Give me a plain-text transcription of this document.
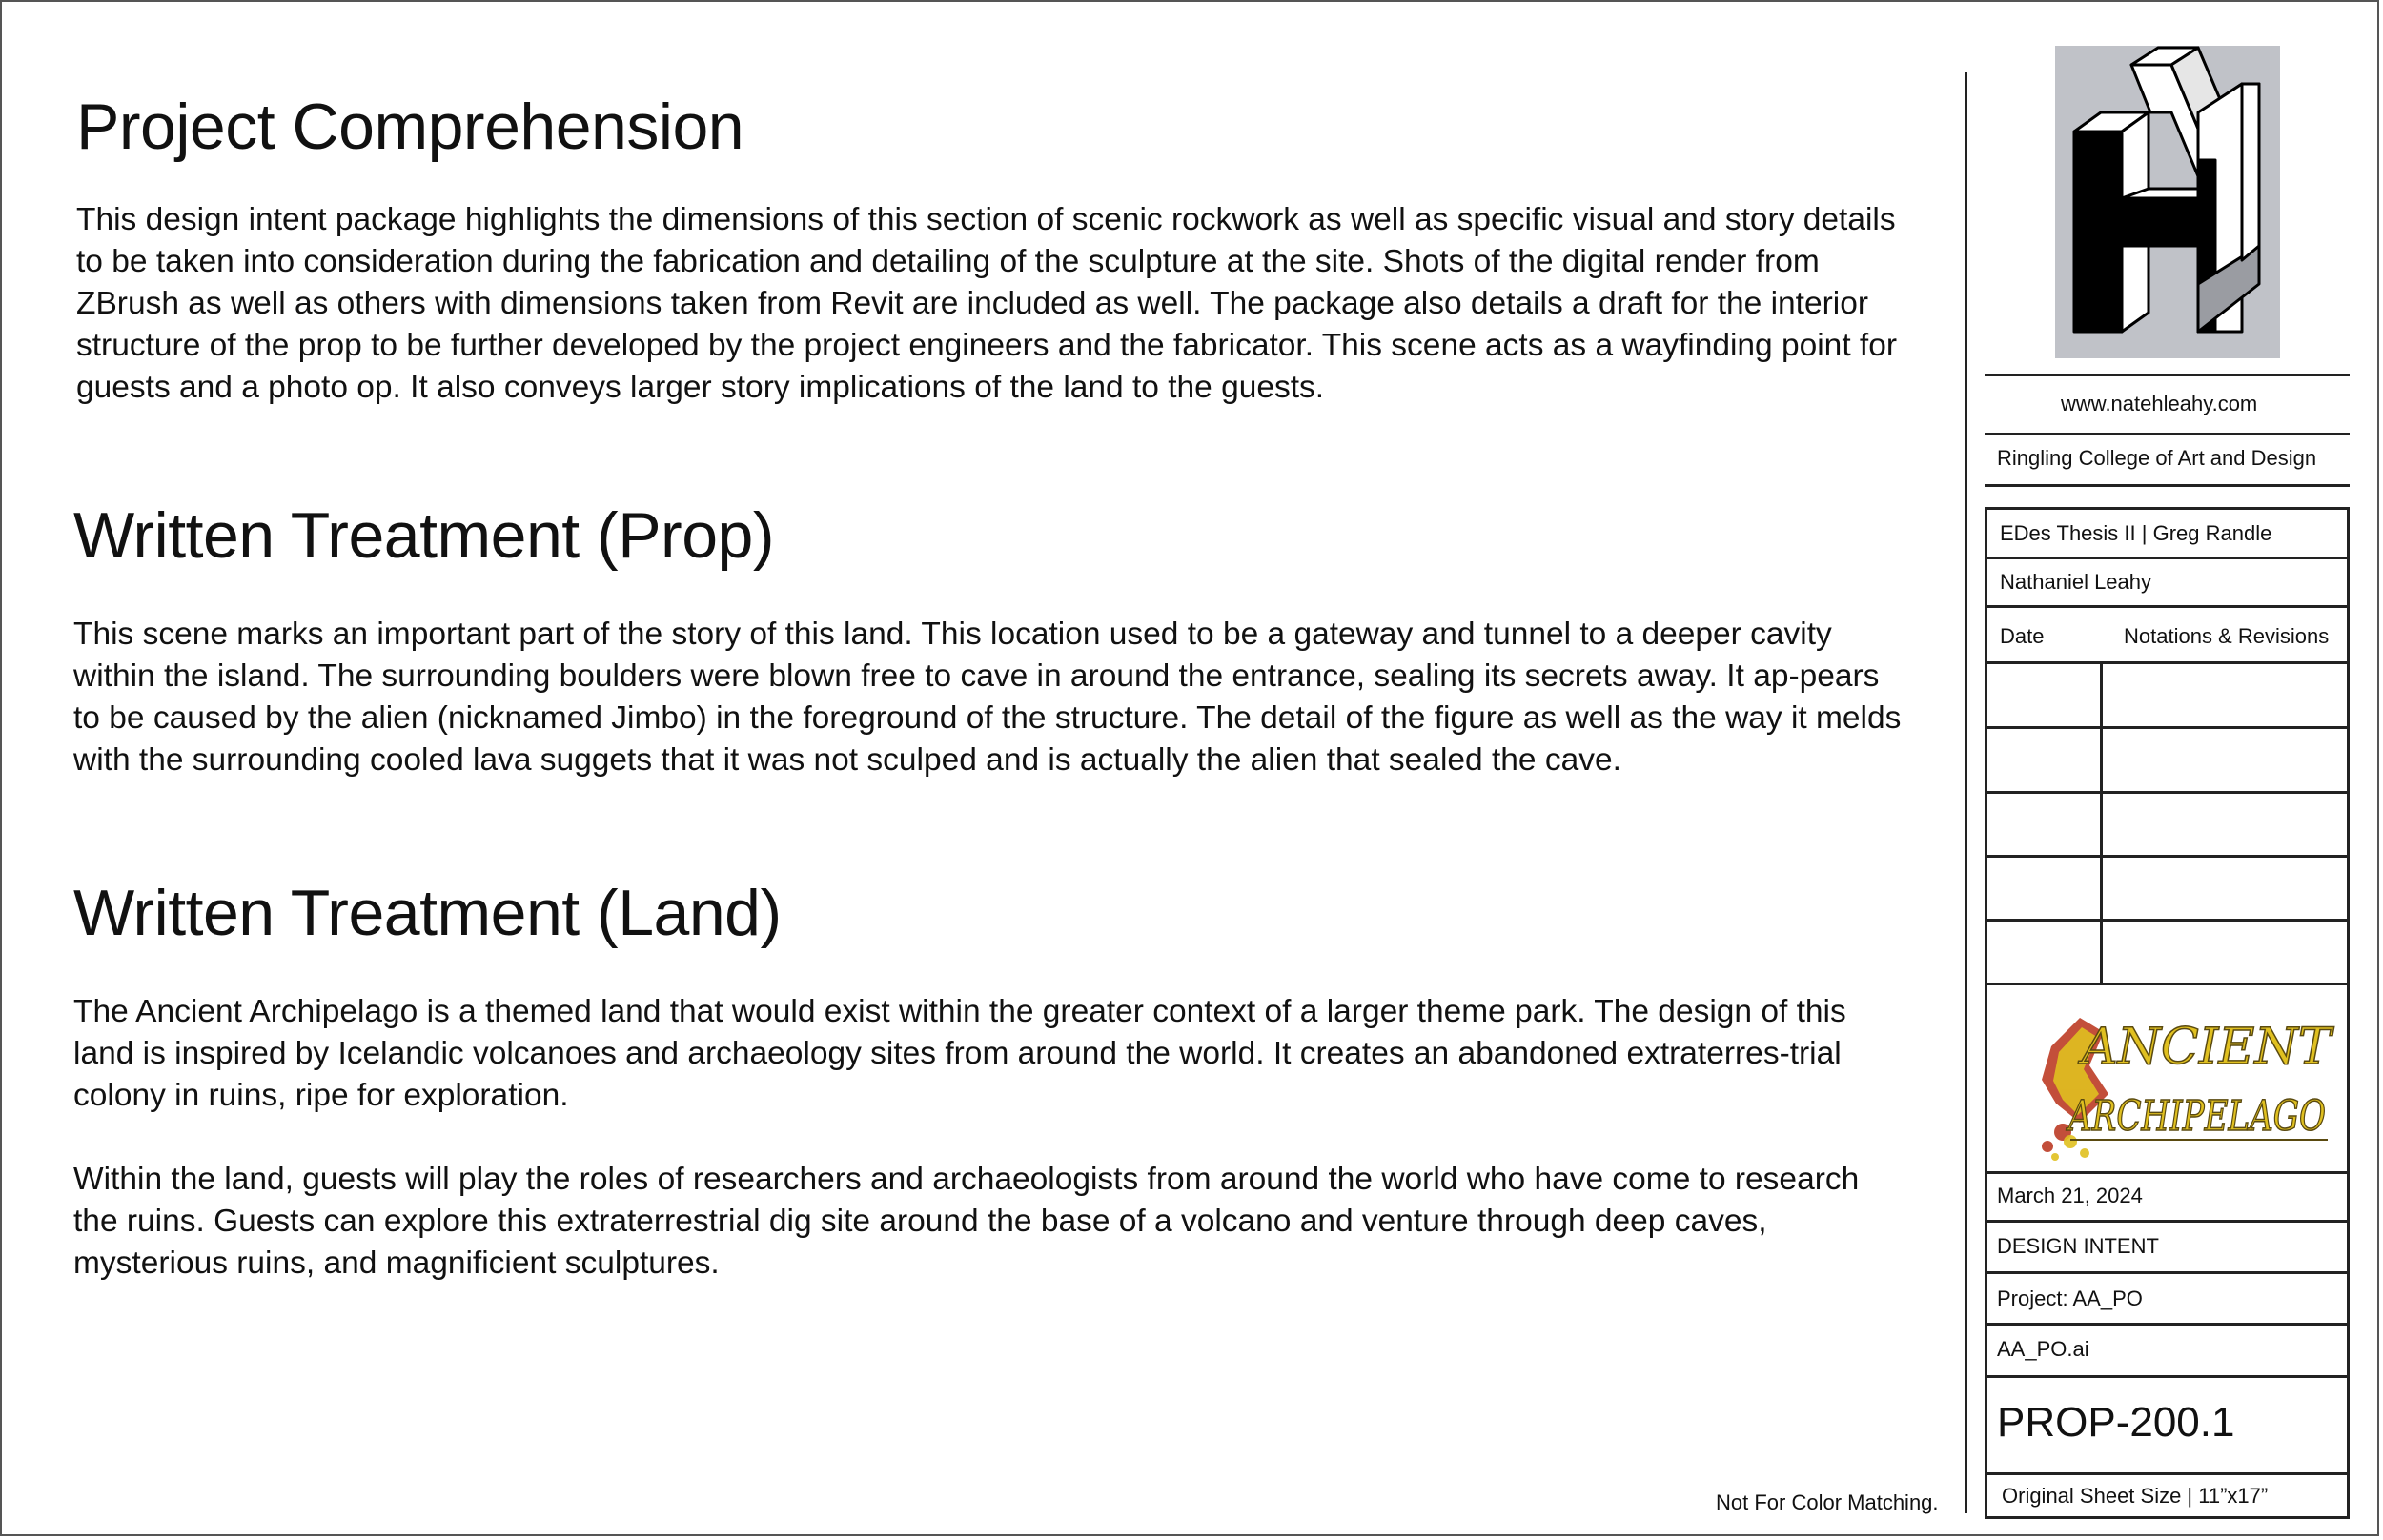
Project Comprehension

This design intent package highlights the dimensions of this section of scenic rockwork as well as specific visual and story details to be taken into consideration during the fabrication and detailing of the sculpture at the site. Shots of the digital render from ZBrush as well as others with dimensions taken from Revit are included as well. The package also details a draft for the interior structure of the prop to be further developed by the project engineers and the fabricator. This scene acts as a wayfinding point for guests and a photo op. It also conveys larger story implications of the land to the guests.

Written Treatment (Prop)

This scene marks an important part of the story of this land. This location used to be a gateway and tunnel to a deeper cavity within the island. The surrounding boulders were blown free to cave in around the entrance, sealing its secrets away. It ap-pears to be caused by the alien (nicknamed Jimbo) in the foreground of the structure. The detail of the figure as well as the way it melds with the surrounding cooled lava suggets that it was not sculped and is actually the alien that sealed the cave.

Written Treatment (Land)

The Ancient Archipelago is a themed land that would exist within the greater context of a larger theme park. The design of this land is inspired by Icelandic volcanoes and archaeology sites from around the world. It creates an abandoned extraterres-trial colony in ruins, ripe for exploration.

Within the land, guests will play the roles of researchers and archaeologists from around the world who have come to research the ruins. Guests can explore this extraterrestrial dig site around the base of a volcano and venture through deep caves, mysterious ruins, and magnificient sculptures.

Not For Color Matching.
www.natehleahy.com
Ringling College of Art and Design
EDes Thesis II | Greg Randle
Nathaniel Leahy
Date	Notations & Revisions
ANCIENT
ARCHIPELAGO
March 21, 2024
DESIGN INTENT
Project: AA_PO
AA_PO.ai
PROP-200.1
Original Sheet Size | 11”x17”
